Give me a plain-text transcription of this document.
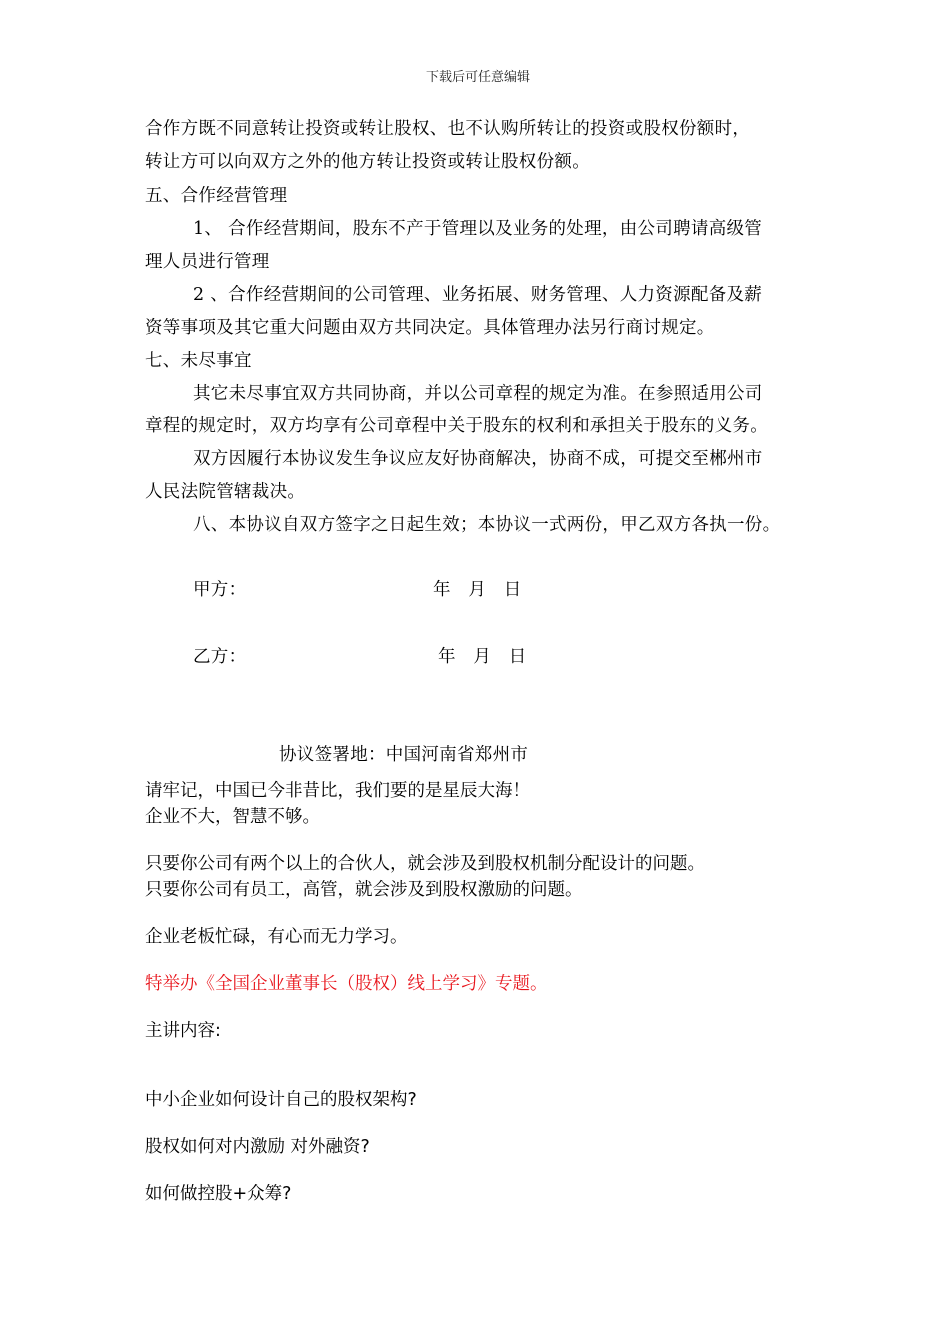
下载后可任意编辑
合作方既不同意转让投资或转让股权、也不认购所转让的投资或股权份额时，
转让方可以向双方之外的他方转让投资或转让股权份额。
五、合作经营管理
1、 合作经营期间，股东不产于管理以及业务的处理，由公司聘请高级管
理人员进行管理
2 、合作经营期间的公司管理、业务拓展、财务管理、人力资源配备及薪
资等事项及其它重大问题由双方共同决定。具体管理办法另行商讨规定。
七、未尽事宜
其它未尽事宜双方共同协商，并以公司章程的规定为准。在参照适用公司
章程的规定时，双方均享有公司章程中关于股东的权利和承担关于股东的义务。
双方因履行本协议发生争议应友好协商解决，协商不成，可提交至郴州市
人民法院管辖裁决。
八、本协议自双方签字之日起生效；本协议一式两份，甲乙双方各执一份。
甲方：	年   月   日
乙方：	年   月   日
协议签署地：中国河南省郑州市
请牢记，中国已今非昔比，我们要的是星辰大海！
企业不大，智慧不够。
只要你公司有两个以上的合伙人，就会涉及到股权机制分配设计的问题。
只要你公司有员工，高管，就会涉及到股权激励的问题。
企业老板忙碌，有心而无力学习。
特举办《全国企业董事长（股权）线上学习》专题。
主讲内容:
中小企业如何设计自己的股权架构?
股权如何对内激励 对外融资?
如何做控股+众筹?
